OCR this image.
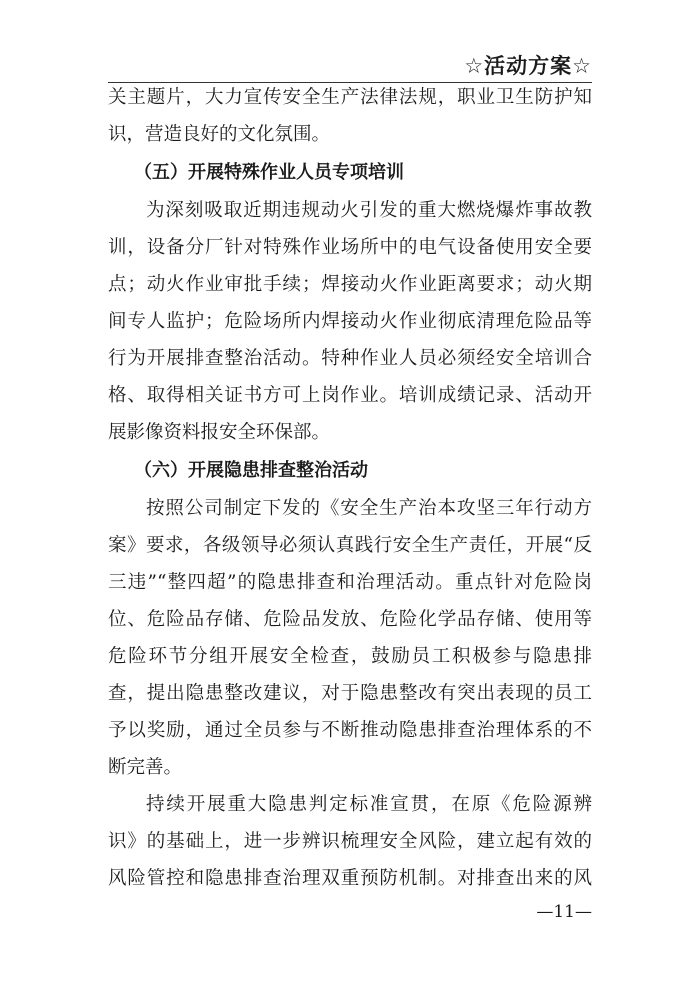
☆活动方案☆
关主题片，大力宣传安全生产法律法规，职业卫生防护知
识，营造良好的文化氛围。
（五）开展特殊作业人员专项培训
为深刻吸取近期违规动火引发的重大燃烧爆炸事故教
训，设备分厂针对特殊作业场所中的电气设备使用安全要
点；动火作业审批手续；焊接动火作业距离要求；动火期
间专人监护；危险场所内焊接动火作业彻底清理危险品等
行为开展排查整治活动。特种作业人员必须经安全培训合
格、取得相关证书方可上岗作业。培训成绩记录、活动开
展影像资料报安全环保部。
（六）开展隐患排查整治活动
按照公司制定下发的《安全生产治本攻坚三年行动方
案》要求，各级领导必须认真践行安全生产责任，开展“反
三违”“整四超”的隐患排查和治理活动。重点针对危险岗
位、危险品存储、危险品发放、危险化学品存储、使用等
危险环节分组开展安全检查，鼓励员工积极参与隐患排
查，提出隐患整改建议，对于隐患整改有突出表现的员工
予以奖励，通过全员参与不断推动隐患排查治理体系的不
断完善。
持续开展重大隐患判定标准宣贯，在原《危险源辨
识》的基础上，进一步辨识梳理安全风险，建立起有效的
风险管控和隐患排查治理双重预防机制。对排查出来的风
—11—
